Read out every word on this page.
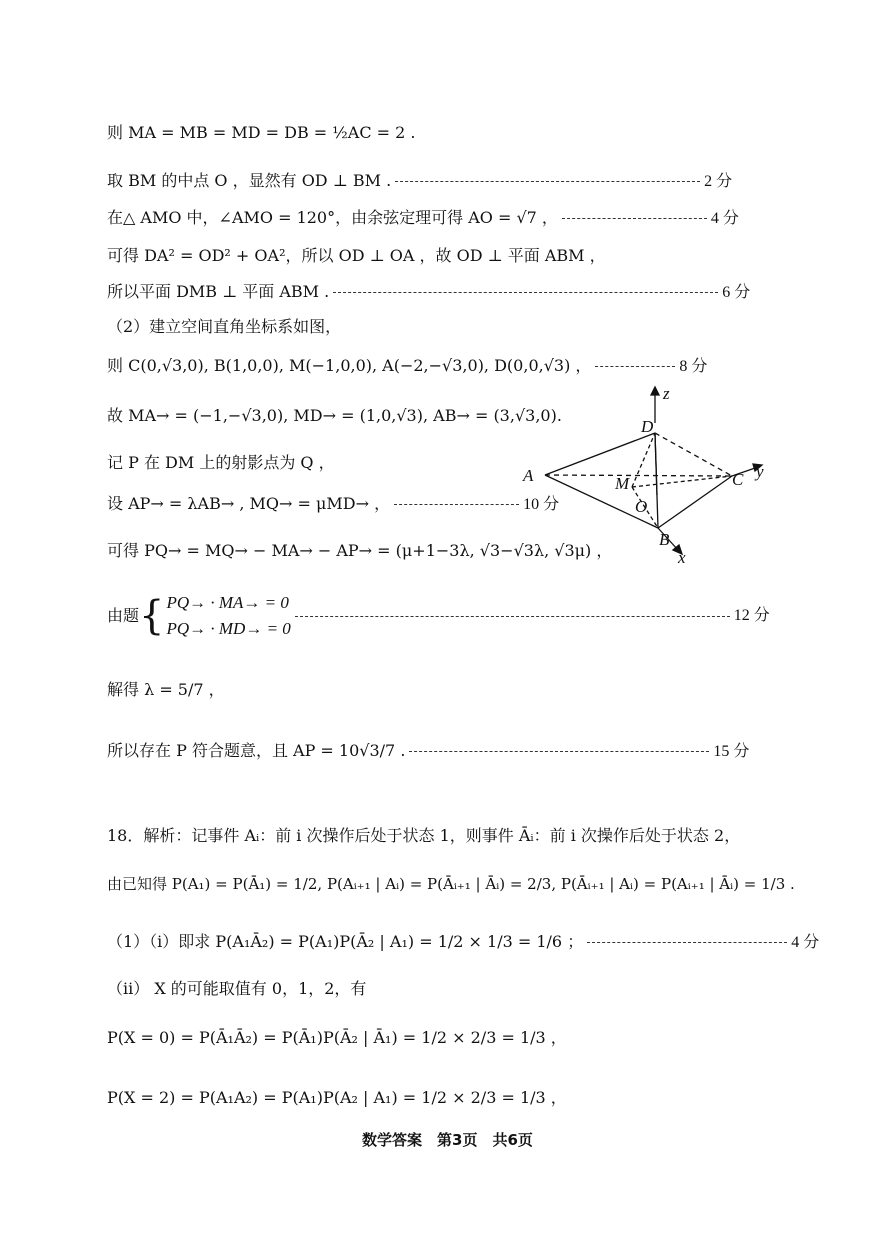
则 MA = MB = MD = DB = ½AC = 2 .
取 BM 的中点 O ，显然有 OD ⊥ BM .	2 分
在△ AMO 中，∠AMO = 120°，由余弦定理可得 AO = √7 ，	4 分
可得 DA² = OD² + OA²，所以 OD ⊥ OA ，故 OD ⊥ 平面 ABM ，
所以平面 DMB ⊥ 平面 ABM .	6 分
（2）建立空间直角坐标系如图，
则 C(0,√3,0), B(1,0,0), M(−1,0,0), A(−2,−√3,0), D(0,0,√3) ，	8 分
故 MA→ = (−1,−√3,0), MD→ = (1,0,√3), AB→ = (3,√3,0).
记 P 在 DM 上的射影点为 Q ，
设 AP→ = λAB→ , MQ→ = μMD→ ，	10 分
可得 PQ→ = MQ→ − MA→ − AP→ = (μ+1−3λ, √3−√3λ, √3μ) ，
由题{ PQ→ · MA→ = 0
PQ→ · MD→ = 012 分
解得 λ = 5/7 ，
所以存在 P 符合题意，且 AP = 10√3/7 .	15 分
18．解析：记事件 Aᵢ：前 i 次操作后处于状态 1，则事件 Āᵢ：前 i 次操作后处于状态 2，
由已知得 P(A₁) = P(Ā₁) = 1/2, P(Aᵢ₊₁ | Aᵢ) = P(Āᵢ₊₁ | Āᵢ) = 2/3, P(Āᵢ₊₁ | Aᵢ) = P(Aᵢ₊₁ | Āᵢ) = 1/3 .
（1）（i）即求 P(A₁Ā₂) = P(A₁)P(Ā₂ | A₁) = 1/2 × 1/3 = 1/6 ；	4 分
（ii） X 的可能取值有 0，1，2，有
P(X = 0) = P(Ā₁Ā₂) = P(Ā₁)P(Ā₂ | Ā₁) = 1/2 × 2/3 = 1/3 ，
P(X = 2) = P(A₁A₂) = P(A₁)P(A₂ | A₁) = 1/2 × 2/3 = 1/3 ，
z
D
A	M	C y
O
B
x
数学答案　第3页　共6页
